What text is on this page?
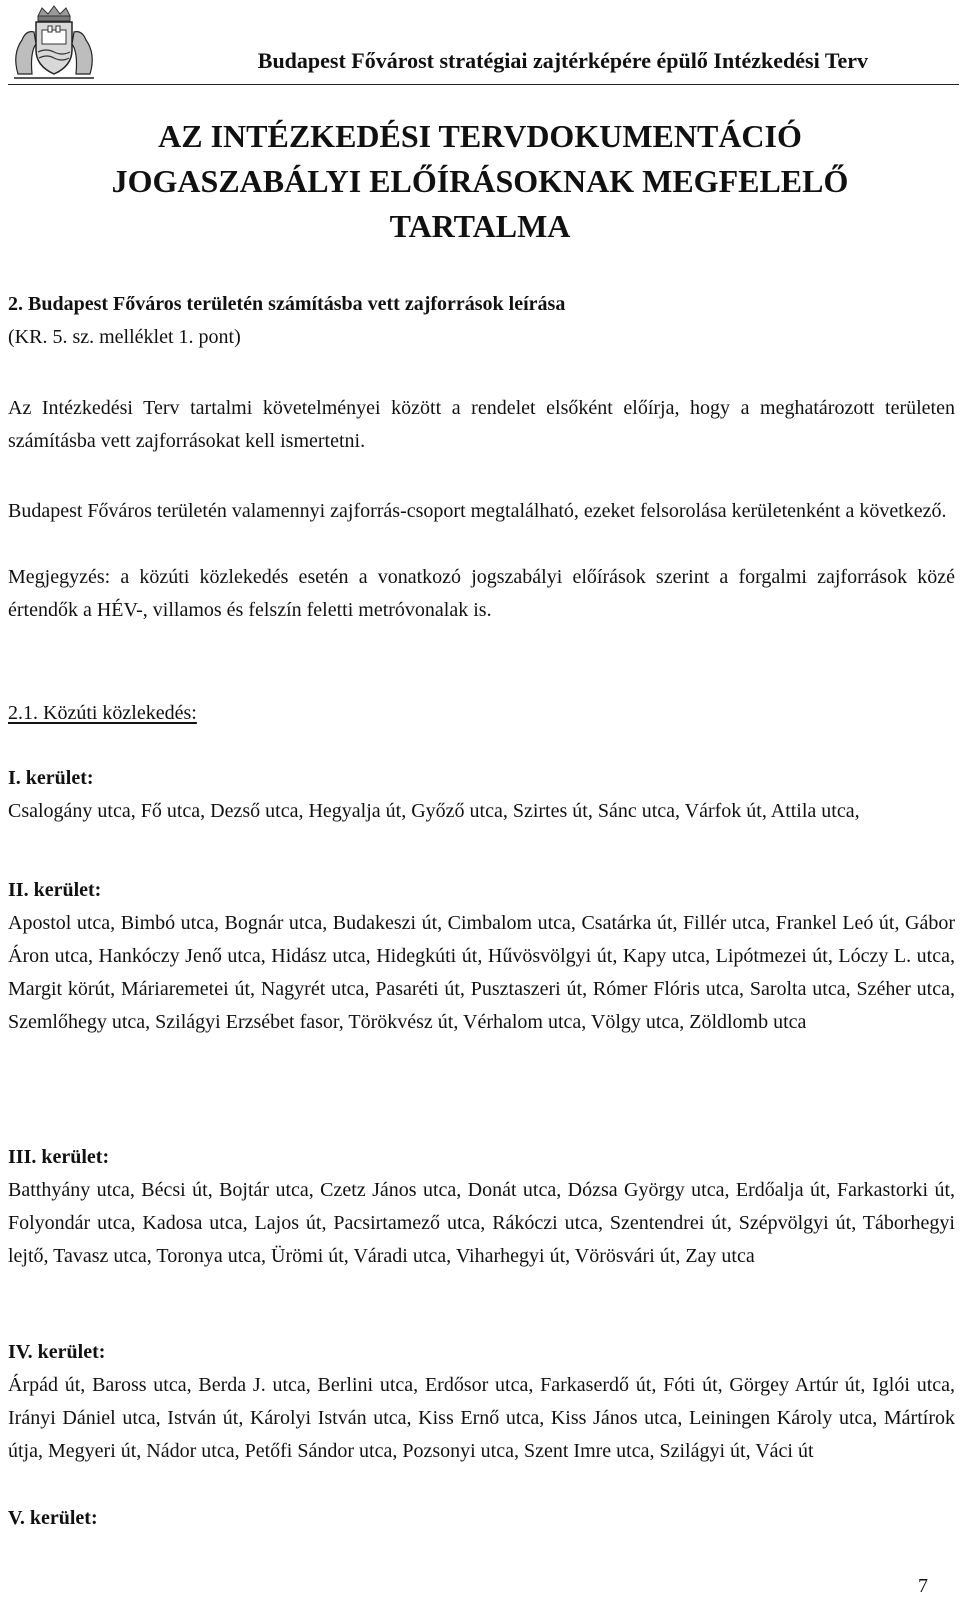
Budapest Fővárost stratégiai zajtérképére épülő Intézkedési Terv
AZ INTÉZKEDÉSI TERVDOKUMENTÁCIÓ
JOGASZABÁLYI ELŐÍRÁSOKNAK MEGFELELŐ
TARTALMA
2. Budapest Főváros területén számításba vett zajforrások leírása
(KR. 5. sz. melléklet 1. pont)
Az Intézkedési Terv tartalmi követelményei között a rendelet elsőként előírja, hogy a meghatározott területen számításba vett zajforrásokat kell ismertetni.
Budapest Főváros területén valamennyi zajforrás-csoport megtalálható, ezeket felsorolása kerületenként a következő.
Megjegyzés: a közúti közlekedés esetén a vonatkozó jogszabályi előírások szerint a forgalmi zajforrások közé értendők a HÉV-, villamos és felszín feletti metróvonalak is.
2.1. Közúti közlekedés:
I. kerület:
Csalogány utca, Fő utca, Dezső utca, Hegyalja út, Győző utca, Szirtes út, Sánc utca, Várfok út, Attila utca,
II. kerület:
Apostol utca, Bimbó utca, Bognár utca, Budakeszi út, Cimbalom utca, Csatárka út, Fillér utca, Frankel Leó út, Gábor Áron utca, Hankóczy Jenő utca, Hidász utca, Hidegkúti út, Hűvösvölgyi út, Kapy utca, Lipótmezei út, Lóczy L. utca, Margit körút, Máriaremetei út, Nagyrét utca, Pasaréti út, Pusztaszeri út, Rómer Flóris utca, Sarolta utca, Széher utca, Szemlőhegy utca, Szilágyi Erzsébet fasor, Törökvész út, Vérhalom utca, Völgy utca, Zöldlomb utca
III. kerület:
Batthyány utca, Bécsi út, Bojtár utca, Czetz János utca, Donát utca, Dózsa György utca, Erdőalja út, Farkastorki út, Folyondár utca, Kadosa utca, Lajos út, Pacsirtamező utca, Rákóczi utca, Szentendrei út, Szépvölgyi út, Táborhegyi lejtő, Tavasz utca, Toronya utca, Ürömi út, Váradi utca, Viharhegyi út, Vörösvári út, Zay utca
IV. kerület:
Árpád út, Baross utca, Berda J. utca, Berlini utca, Erdősor utca, Farkaserdő út, Fóti út, Görgey Artúr út, Iglói utca, Irányi Dániel utca, István út, Károlyi István utca, Kiss Ernő utca, Kiss János utca, Leiningen Károly utca, Mártírok útja, Megyeri út, Nádor utca, Petőfi Sándor utca, Pozsonyi utca, Szent Imre utca, Szilágyi út, Váci út
V. kerület:
7
